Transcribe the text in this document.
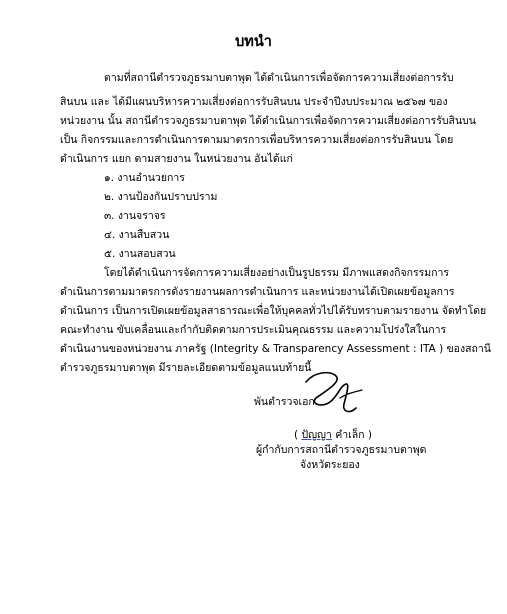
บทนำ
ตามที่สถานีตำรวจภูธรมาบตาพุด ได้ดำเนินการเพื่อจัดการความเสี่ยงต่อการรับ
สินบน และ ได้มีแผนบริหารความเสี่ยงต่อการรับสินบน ประจำปีงบประมาณ ๒๕๖๗ ของ
หน่วยงาน นั้น สถานีตำรวจภูธรมาบตาพุด ได้ดำเนินการเพื่อจัดการความเสี่ยงต่อการรับสินบน
เป็น กิจกรรมและการดำเนินการตามมาตรการเพื่อบริหารความเสี่ยงต่อการรับสินบน โดย
ดำเนินการ แยก ตามสายงาน ในหน่วยงาน อันได้แก่
๑. งานอำนวยการ
๒. งานป้องกันปราบปราม
๓. งานจราจร
๔. งานสืบสวน
๕. งานสอบสวน
โดยได้ดำเนินการจัดการความเสี่ยงอย่างเป็นรูปธรรม มีภาพแสดงกิจกรรมการ
ดำเนินการตามมาตรการดังรายงานผลการดำเนินการ และหน่วยงานได้เปิดเผยข้อมูลการ
ดำเนินการ เป็นการเปิดเผยข้อมูลสาธารณะเพื่อให้บุคคลทั่วไปได้รับทราบตามรายงาน จัดทำโดย
คณะทำงาน ขับเคลื่อนและกำกับติดตามการประเมินคุณธรรม และความโปร่งใสในการ
ดำเนินงานของหน่วยงาน ภาครัฐ (Integrity & Transparency Assessment : ITA ) ของสถานี
ตำรวจภูธรมาบตาพุด มีรายละเอียดตามข้อมูลแนบท้ายนี้
พันตำรวจเอก
( ปัญญา คำเล็ก )
ผู้กำกับการสถานีตำรวจภูธรมาบตาพุด
จังหวัดระยอง
